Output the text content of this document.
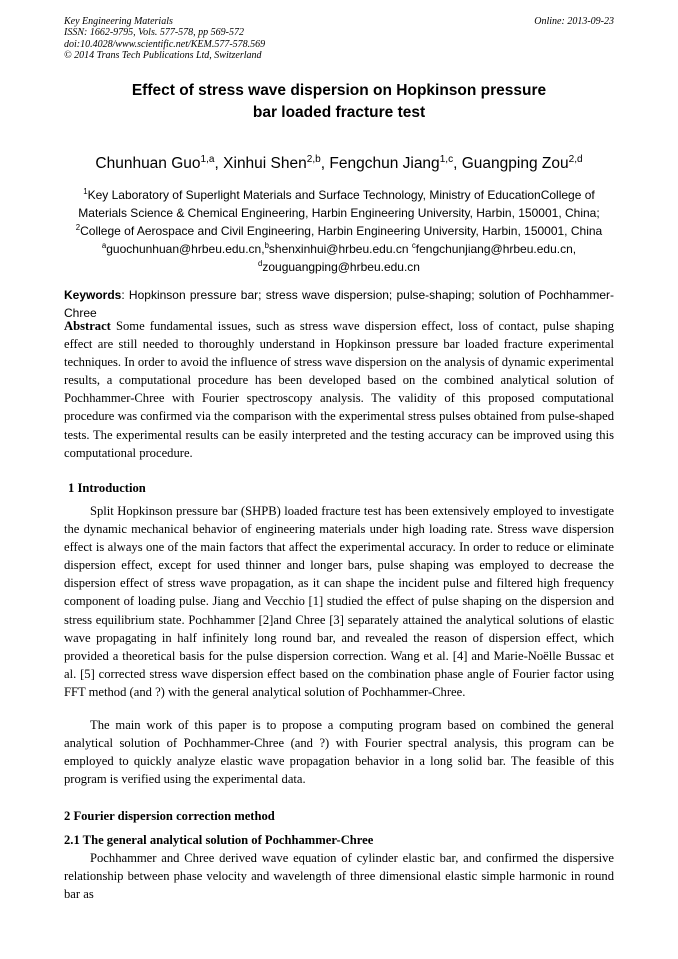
Key Engineering Materials
ISSN: 1662-9795, Vols. 577-578, pp 569-572
doi:10.4028/www.scientific.net/KEM.577-578.569
© 2014 Trans Tech Publications Ltd, Switzerland
Online: 2013-09-23
Effect of stress wave dispersion on Hopkinson pressure
bar loaded fracture test
Chunhuan Guo$^{1,a}$, Xinhui Shen$^{2,b}$, Fengchun Jiang$^{1,c}$, Guangping Zou$^{2,d}$
$^1$Key Laboratory of Superlight Materials and Surface Technology, Ministry of EducationCollege of
Materials Science & Chemical Engineering, Harbin Engineering University, Harbin, 150001, China;
$^2$College of Aerospace and Civil Engineering, Harbin Engineering University, Harbin, 150001, China
$^a$guochunhuan@hrbeu.edu.cn,$^b$shenxinhui@hrbeu.edu.cn $^c$fengchunjiang@hrbeu.edu.cn,
$^d$zouguangping@hrbeu.edu.cn
Keywords: Hopkinson pressure bar; stress wave dispersion; pulse-shaping; solution of Pochhammer-Chree
Abstract Some fundamental issues, such as stress wave dispersion effect, loss of contact, pulse shaping effect are still needed to thoroughly understand in Hopkinson pressure bar loaded fracture experimental techniques. In order to avoid the influence of stress wave dispersion on the analysis of dynamic experimental results, a computational procedure has been developed based on the combined analytical solution of Pochhammer-Chree with Fourier spectroscopy analysis. The validity of this proposed computational procedure was confirmed via the comparison with the experimental stress pulses obtained from pulse-shaped tests. The experimental results can be easily interpreted and the testing accuracy can be improved using this computational procedure.
1 Introduction
Split Hopkinson pressure bar (SHPB) loaded fracture test has been extensively employed to investigate the dynamic mechanical behavior of engineering materials under high loading rate. Stress wave dispersion effect is always one of the main factors that affect the experimental accuracy. In order to reduce or eliminate dispersion effect, except for used thinner and longer bars, pulse shaping was employed to decrease the dispersion effect of stress wave propagation, as it can shape the incident pulse and filtered high frequency component of loading pulse. Jiang and Vecchio [1] studied the effect of pulse shaping on the dispersion and stress equilibrium state. Pochhammer [2]and Chree [3] separately attained the analytical solutions of elastic wave propagating in half infinitely long round bar, and revealed the reason of dispersion effect, which provided a theoretical basis for the pulse dispersion correction. Wang et al. [4] and Marie-Noëlle Bussac et al. [5] corrected stress wave dispersion effect based on the combination phase angle of Fourier factor using FFT method (and ?) with the general analytical solution of Pochhammer-Chree.
The main work of this paper is to propose a computing program based on combined the general analytical solution of Pochhammer-Chree (and ?) with Fourier spectral analysis, this program can be employed to quickly analyze elastic wave propagation behavior in a long solid bar. The feasible of this program is verified using the experimental data.
2 Fourier dispersion correction method
2.1 The general analytical solution of Pochhammer-Chree
Pochhammer and Chree derived wave equation of cylinder elastic bar, and confirmed the dispersive relationship between phase velocity and wavelength of three dimensional elastic simple harmonic in round bar as
